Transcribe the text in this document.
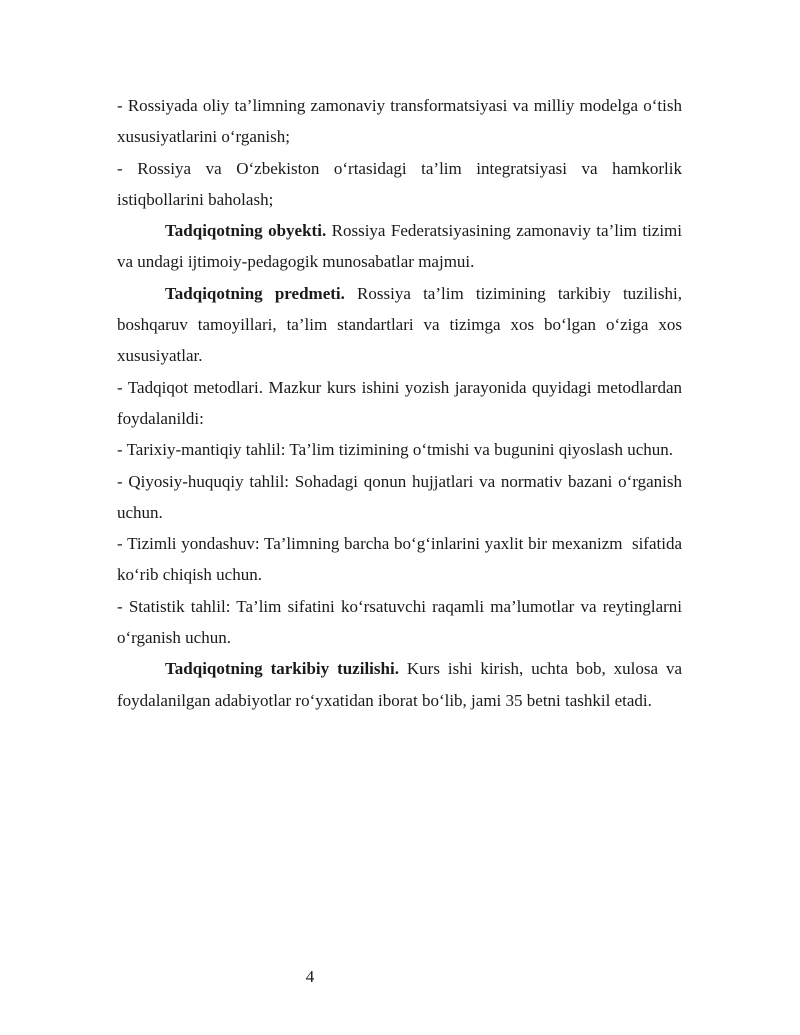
- Rossiyada oliy ta’limning zamonaviy transformatsiyasi va milliy modelga o‘tish xususiyatlarini o‘rganish;

- Rossiya va O‘zbekiston o‘rtasidagi ta’lim integratsiyasi va hamkorlik istiqbollarini baholash;

Tadqiqotning obyekti. Rossiya Federatsiyasining zamonaviy ta’lim tizimi va undagi ijtimoiy-pedagogik munosabatlar majmui.

Tadqiqotning predmeti. Rossiya ta’lim tizimining tarkibiy tuzilishi, boshqaruv tamoyillari, ta’lim standartlari va tizimga xos bo‘lgan o‘ziga xos xususiyatlar.

- Tadqiqot metodlari. Mazkur kurs ishini yozish jarayonida quyidagi metodlardan foydalanildi:

- Tarixiy-mantiqiy tahlil: Ta’lim tizimining o‘tmishi va bugunini qiyoslash uchun.

- Qiyosiy-huquqiy tahlil: Sohadagi qonun hujjatlari va normativ bazani o‘rganish uchun.

- Tizimli yondashuv: Ta’limning barcha bo‘g‘inlarini yaxlit bir mexanizm  sifatida ko‘rib chiqish uchun.

- Statistik tahlil: Ta’lim sifatini ko‘rsatuvchi raqamli ma’lumotlar va reytinglarni o‘rganish uchun.

Tadqiqotning tarkibiy tuzilishi. Kurs ishi kirish, uchta bob, xulosa va foydalanilgan adabiyotlar ro‘yxatidan iborat bo‘lib, jami 35 betni tashkil etadi.

4
